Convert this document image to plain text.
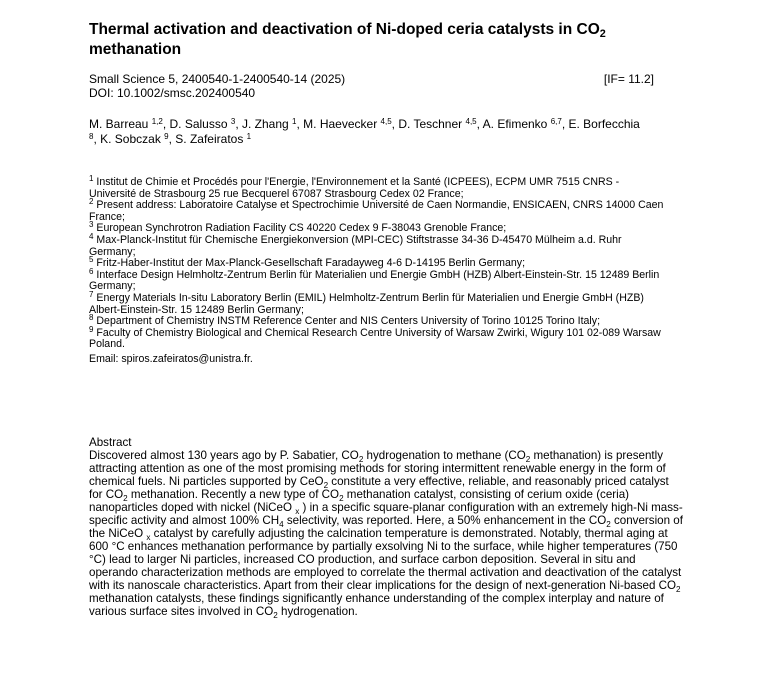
Thermal activation and deactivation of Ni-doped ceria catalysts in $CO_2$ methanation
Small Science 5, 2400540-1-2400540-14 (2025)	[IF= 11.2]
DOI: 10.1002/smsc.202400540
M. Barreau $^{1,2}$, D. Salusso $^3$, J. Zhang $^1$, M. Haevecker $^{4,5}$, D. Teschner $^{4,5}$, A. Efimenko $^{6,7}$, E. Borfecchia $^8$, K. Sobczak $^9$, S. Zafeiratos $^1$

$^1$ Institut de Chimie et Procédés pour l'Energie, l'Environnement et la Santé (ICPEES), ECPM UMR 7515 CNRS - Université de Strasbourg 25 rue Becquerel 67087 Strasbourg Cedex 02 France;

$^2$ Present address: Laboratoire Catalyse et Spectrochimie Université de Caen Normandie, ENSICAEN, CNRS 14000 Caen France;

$^3$ European Synchrotron Radiation Facility CS 40220 Cedex 9 F-38043 Grenoble France;

$^4$ Max-Planck-Institut für Chemische Energiekonversion (MPI-CEC) Stiftstrasse 34-36 D-45470 Mülheim a.d. Ruhr Germany;

$^5$ Fritz-Haber-Institut der Max-Planck-Gesellschaft Faradayweg 4-6 D-14195 Berlin Germany;

$^6$ Interface Design Helmholtz-Zentrum Berlin für Materialien und Energie GmbH (HZB) Albert-Einstein-Str. 15 12489 Berlin Germany;

$^7$ Energy Materials In-situ Laboratory Berlin (EMIL) Helmholtz-Zentrum Berlin für Materialien und Energie GmbH (HZB) Albert-Einstein-Str. 15 12489 Berlin Germany;

$^8$ Department of Chemistry INSTM Reference Center and NIS Centers University of Torino 10125 Torino Italy;

$^9$ Faculty of Chemistry Biological and Chemical Research Centre University of Warsaw Zwirki, Wigury 101 02-089 Warsaw Poland.

Email: spiros.zafeiratos@unistra.fr.
Abstract

Discovered almost 130 years ago by P. Sabatier, $CO_2$ hydrogenation to methane ($CO_2$ methanation) is presently attracting attention as one of the most promising methods for storing intermittent renewable energy in the form of chemical fuels. Ni particles supported by CeO$_2$ constitute a very effective, reliable, and reasonably priced catalyst for $CO_2$ methanation. Recently a new type of $CO_2$ methanation catalyst, consisting of cerium oxide (ceria) nanoparticles doped with nickel (NiCeO $_x$ ) in a specific square-planar configuration with an extremely high-Ni mass-specific activity and almost 100% $CH_4$ selectivity, was reported. Here, a 50% enhancement in the $CO_2$ conversion of the NiCeO $_x$ catalyst by carefully adjusting the calcination temperature is demonstrated. Notably, thermal aging at 600 °C enhances methanation performance by partially exsolving Ni to the surface, while higher temperatures (750 °C) lead to larger Ni particles, increased CO production, and surface carbon deposition. Several in situ and operando characterization methods are employed to correlate the thermal activation and deactivation of the catalyst with its nanoscale characteristics. Apart from their clear implications for the design of next-generation Ni-based $CO_2$ methanation catalysts, these findings significantly enhance understanding of the complex interplay and nature of various surface sites involved in $CO_2$ hydrogenation.
